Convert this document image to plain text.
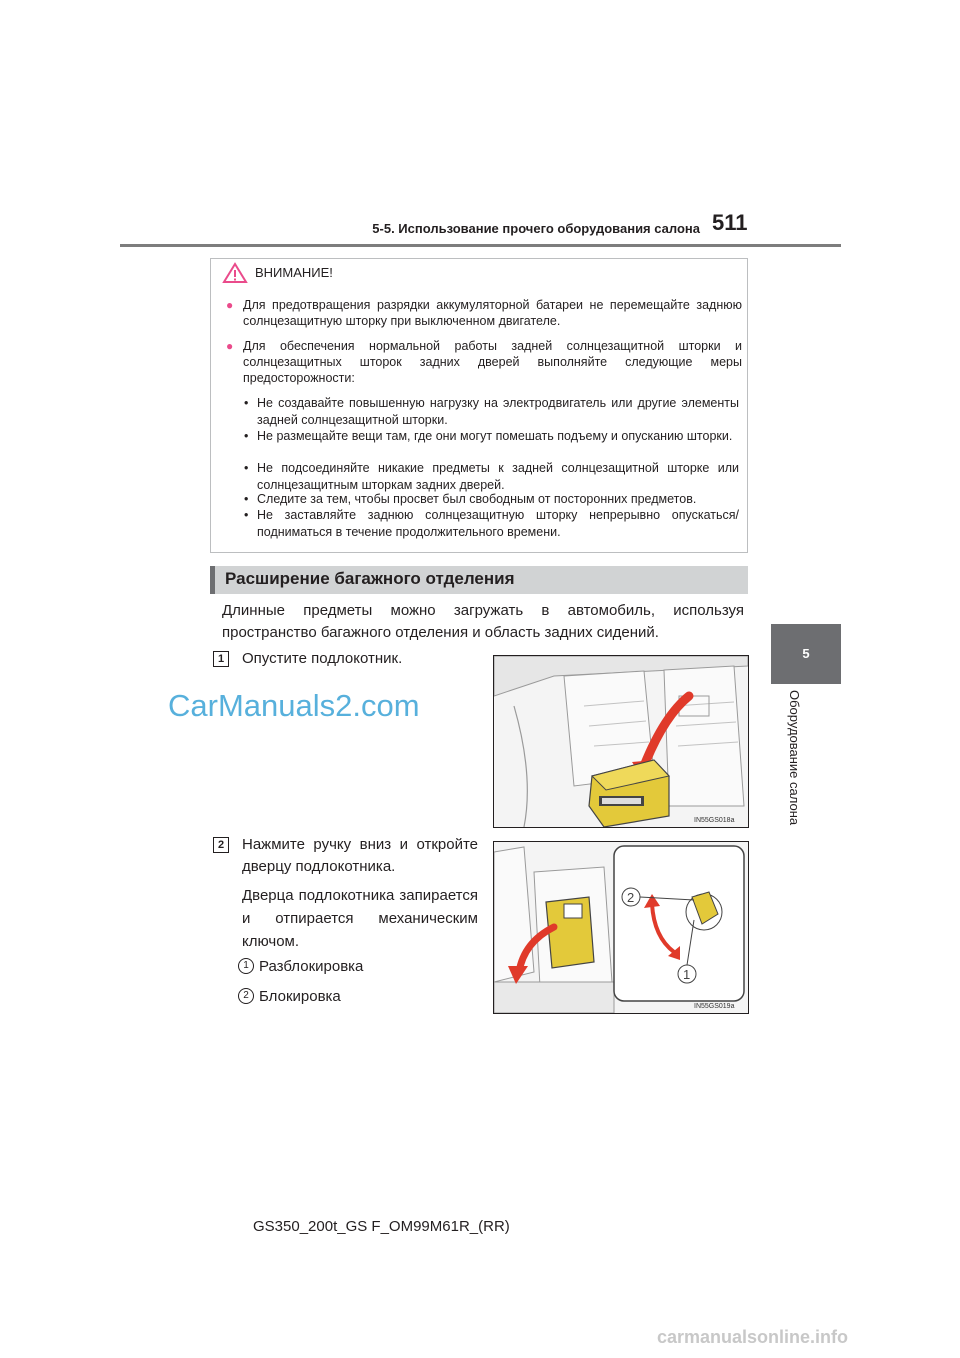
5-5. Использование прочего оборудования салона 511
5
Оборудование салона
ВНИМАНИЕ!
● Для предотвращения разрядки аккумуляторной батареи не перемещайте заднюю солнцезащитную шторку при выключенном двигателе.
● Для обеспечения нормальной работы задней солнцезащитной шторки и солнцезащитных шторок задних дверей выполняйте следующие меры предосторожности:
• Не создавайте повышенную нагрузку на электродвигатель или другие элементы задней солнцезащитной шторки.
• Не размещайте вещи там, где они могут помешать подъему и опусканию шторки.
• Не подсоединяйте никакие предметы к задней солнцезащитной шторке или солнцезащитным шторкам задних дверей.
• Следите за тем, чтобы просвет был свободным от посторонних предметов.
• Не заставляйте заднюю солнцезащитную шторку непрерывно опускаться/подниматься в течение продолжительного времени.
Расширение багажного отделения
Длинные предметы можно загружать в автомобиль, используя пространство багажного отделения и область задних сидений.
1	Опустите подлокотник.
2	Нажмите ручку вниз и откройте дверцу подлокотника.
Дверца подлокотника запирается и отпирается механическим ключом.
1 Разблокировка
2 Блокировка
IN55GS018a
2
1
IN55GS019a
CarManuals2.com
GS350_200t_GS F_OM99M61R_(RR)
carmanualsonline.info
